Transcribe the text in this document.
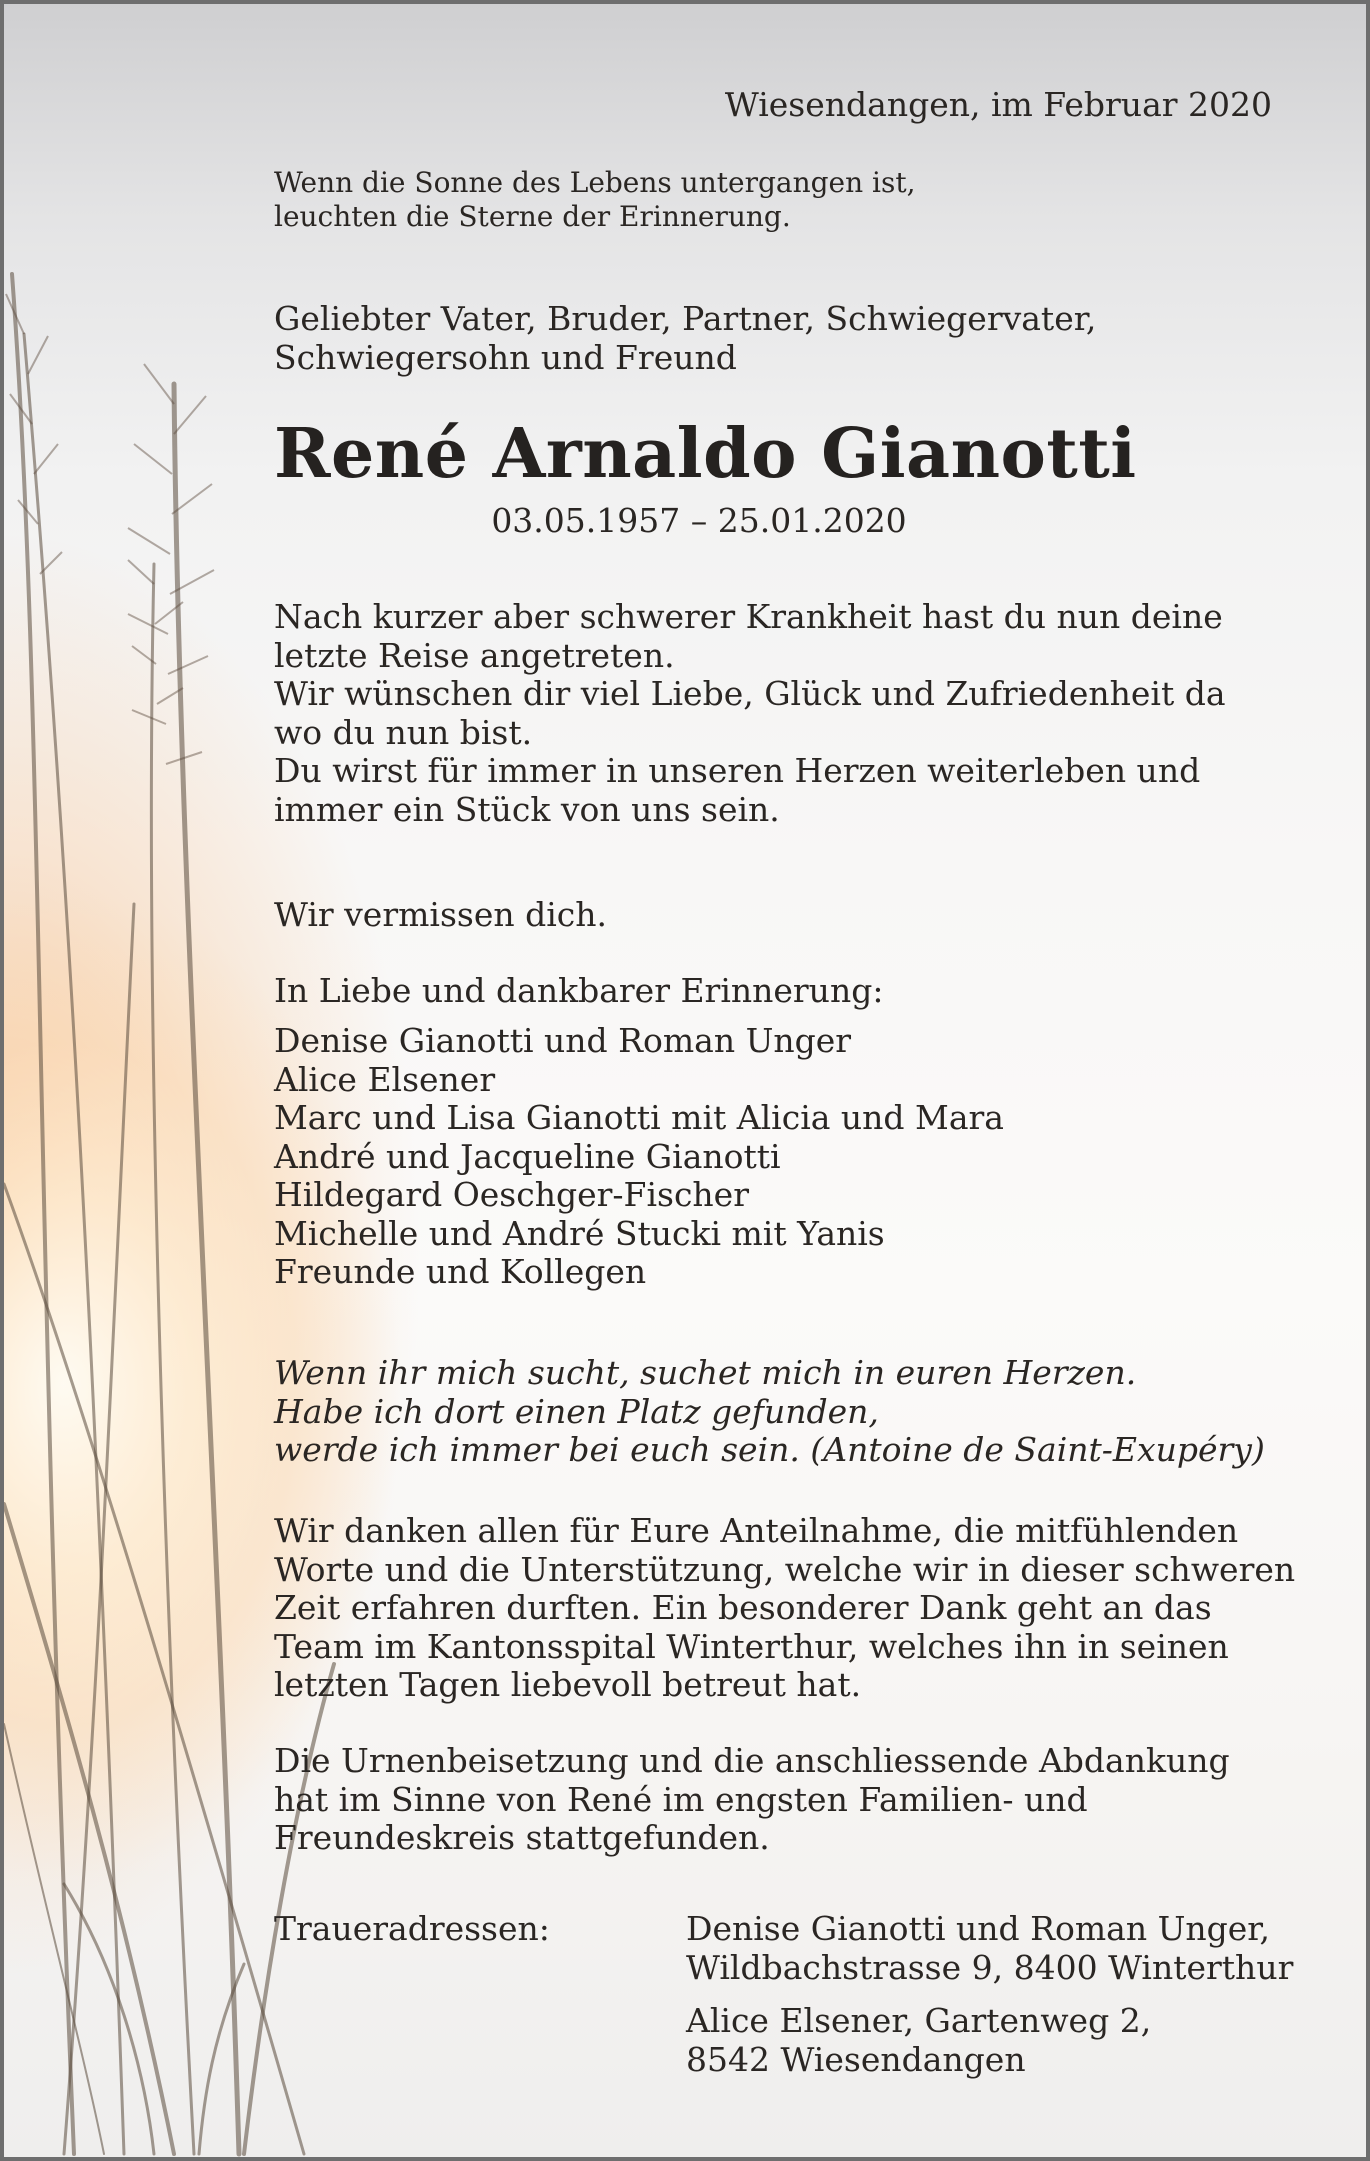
Wiesendangen, im Februar 2020
Wenn die Sonne des Lebens untergangen ist,
leuchten die Sterne der Erinnerung.
Geliebter Vater, Bruder, Partner, Schwiegervater,
Schwiegersohn und Freund
René Arnaldo Gianotti
03.05.1957 – 25.01.2020
Nach kurzer aber schwerer Krankheit hast du nun deine
letzte Reise angetreten.
Wir wünschen dir viel Liebe, Glück und Zufriedenheit da
wo du nun bist.
Du wirst für immer in unseren Herzen weiterleben und
immer ein Stück von uns sein.
Wir vermissen dich.
In Liebe und dankbarer Erinnerung:
Denise Gianotti und Roman Unger
Alice Elsener
Marc und Lisa Gianotti mit Alicia und Mara
André und Jacqueline Gianotti
Hildegard Oeschger-Fischer
Michelle und André Stucki mit Yanis
Freunde und Kollegen
Wenn ihr mich sucht, suchet mich in euren Herzen.
Habe ich dort einen Platz gefunden,
werde ich immer bei euch sein. (Antoine de Saint-Exupéry)
Wir danken allen für Eure Anteilnahme, die mitfühlenden
Worte und die Unterstützung, welche wir in dieser schweren
Zeit erfahren durften. Ein besonderer Dank geht an das
Team im Kantonsspital Winterthur, welches ihn in seinen
letzten Tagen liebevoll betreut hat.
Die Urnenbeisetzung und die anschliessende Abdankung
hat im Sinne von René im engsten Familien- und
Freundeskreis stattgefunden.
Traueradressen:	Denise Gianotti und Roman Unger,
Wildbachstrasse 9, 8400 Winterthur
Alice Elsener, Gartenweg 2,
8542 Wiesendangen
